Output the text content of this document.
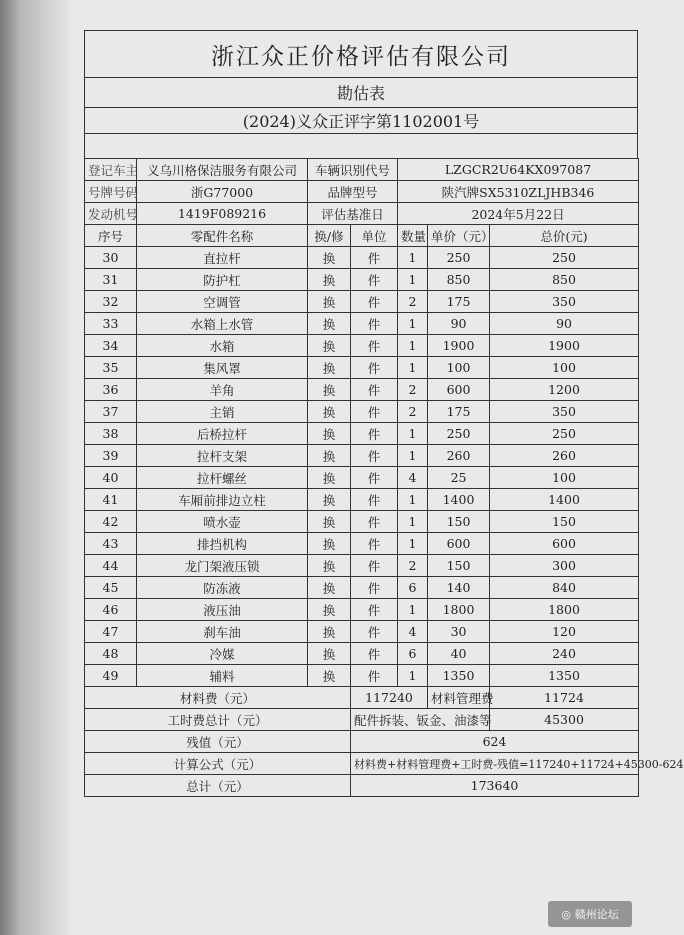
浙江众正价格评估有限公司
勘估表
(2024)义众正评字第1102001号
登记车主	义乌川格保洁服务有限公司	车辆识别代号		LZGCR2U64KX097087		
号牌号码	浙G77000	品牌型号		陕汽牌SX5310ZLJHB346		
发动机号	1419F089216	评估基准日		2024年5月22日		
序号	零配件名称	换/修	单位	数量	单价（元）	总价(元)
30	直拉杆	换	件	1	250	250
31	防护杠	换	件	1	850	850
32	空调管	换	件	2	175	350
33	水箱上水管	换	件	1	90	90
34	水箱	换	件	1	1900	1900
35	集风罩	换	件	1	100	100
36	羊角	换	件	2	600	1200
37	主销	换	件	2	175	350
38	后桥拉杆	换	件	1	250	250
39	拉杆支架	换	件	1	260	260
40	拉杆螺丝	换	件	4	25	100
41	车厢前排边立柱	换	件	1	1400	1400
42	喷水壶	换	件	1	150	150
43	排挡机构	换	件	1	600	600
44	龙门架液压锁	换	件	2	150	300
45	防冻液	换	件	6	140	840
46	液压油	换	件	1	1800	1800
47	刹车油	换	件	4	30	120
48	冷媒	换	件	6	40	240
49	辅料	换	件	1	1350	1350
材料费（元）			117240		材料管理费	11724
工时费总计（元）			配件拆装、钣金、油漆等			45300
残值（元）			624			
计算公式（元）			材料费+材料管理费+工时费-残值=117240+11724+45300-624			
总计（元）			173640			
◎ 赣州论坛
